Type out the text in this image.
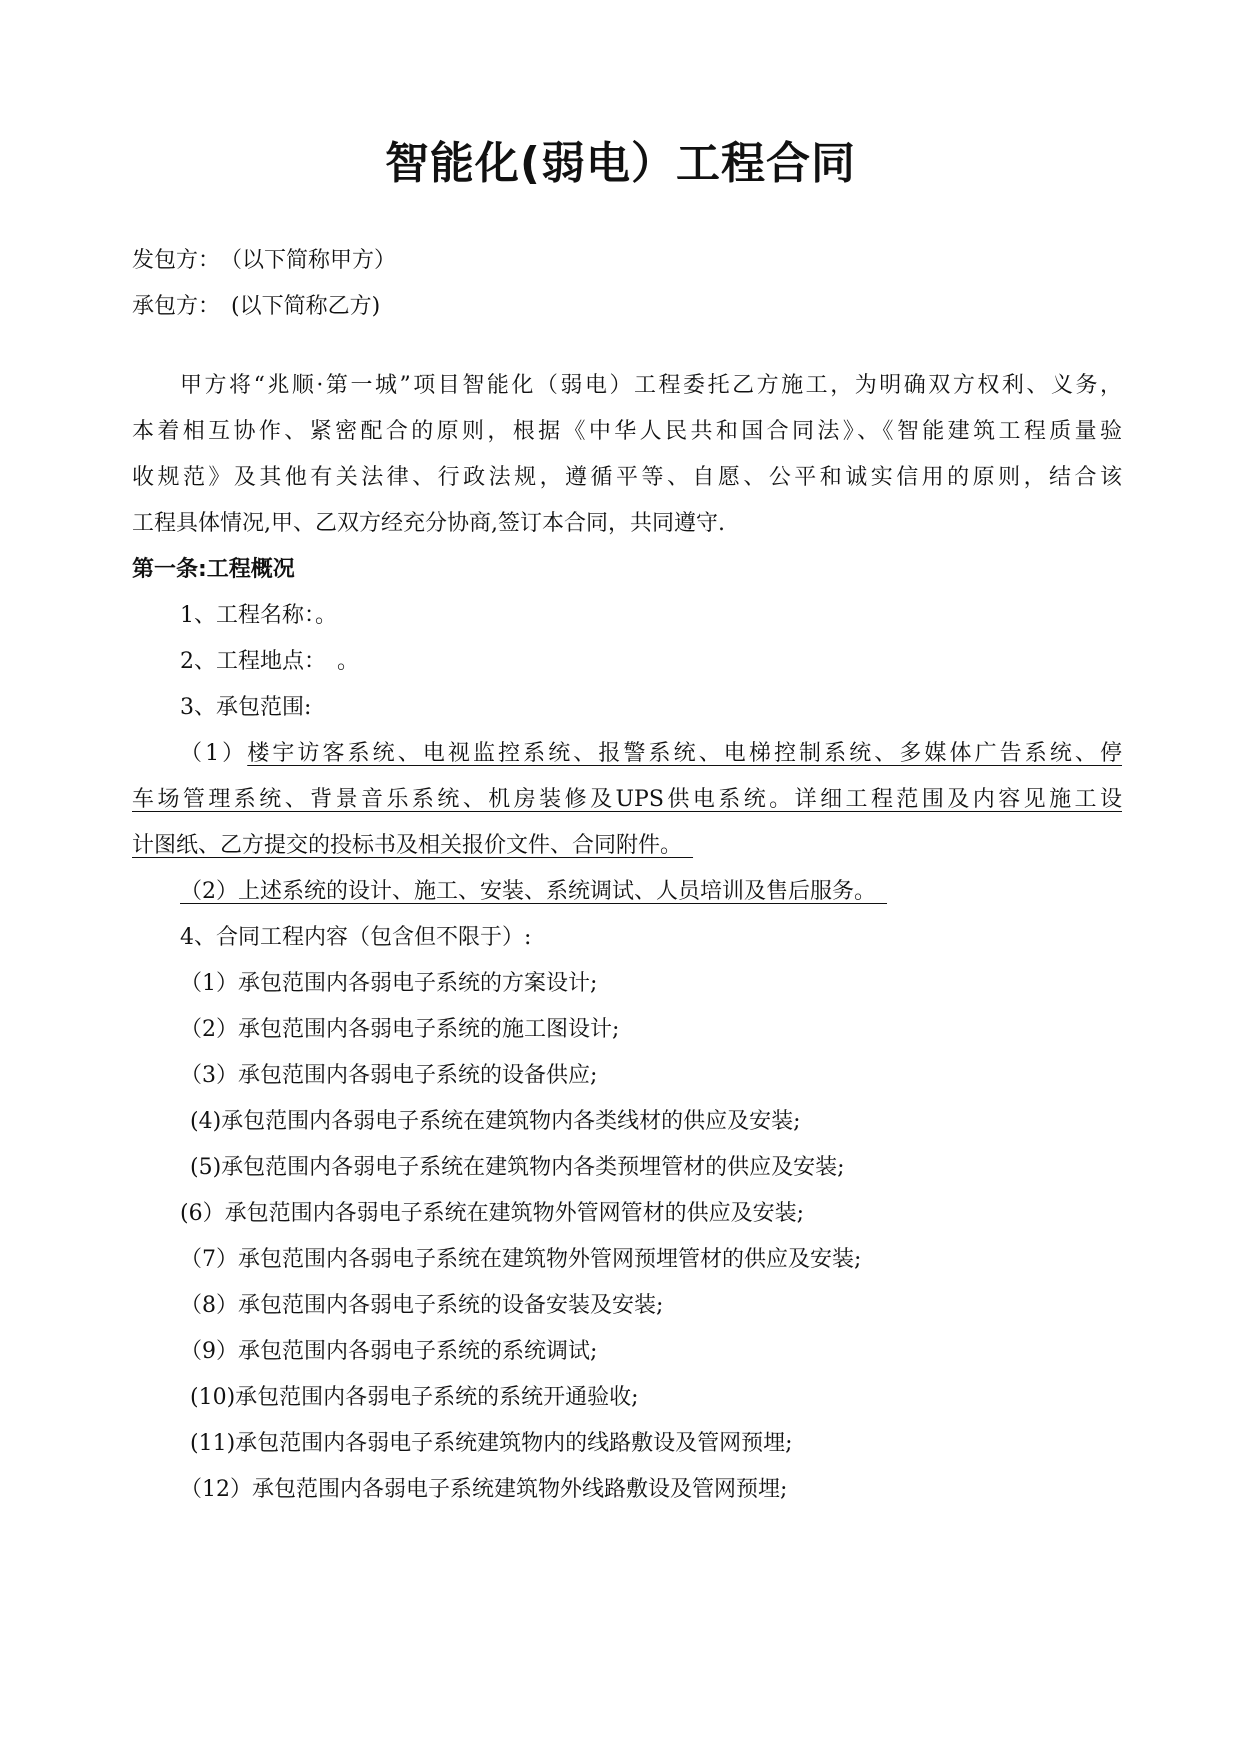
智能化(弱电）工程合同

发包方：　（以下简称甲方）

承包方：　(以下简称乙方)

甲方将“兆顺·第一城”项目智能化（弱电）工程委托乙方施工，为明确双方权利、义务，

本着相互协作、紧密配合的原则，根据《中华人民共和国合同法》、《智能建筑工程质量验

收规范》及其他有关法律、行政法规，遵循平等、自愿、公平和诚实信用的原则，结合该

工程具体情况,甲、乙双方经充分协商,签订本合同，共同遵守.

第一条:工程概况

1、工程名称：。

2、工程地点：　。

3、承包范围:

（1）楼宇访客系统、电视监控系统、报警系统、电梯控制系统、多媒体广告系统、停

车场管理系统、背景音乐系统、机房装修及UPS供电系统。详细工程范围及内容见施工设

计图纸、乙方提交的投标书及相关报价文件、合同附件。　

（2）上述系统的设计、施工、安装、系统调试、人员培训及售后服务。　

4、合同工程内容（包含但不限于）:

（1）承包范围内各弱电子系统的方案设计;

（2）承包范围内各弱电子系统的施工图设计;

（3）承包范围内各弱电子系统的设备供应;

(4)承包范围内各弱电子系统在建筑物内各类线材的供应及安装;

(5)承包范围内各弱电子系统在建筑物内各类预埋管材的供应及安装;

(6）承包范围内各弱电子系统在建筑物外管网管材的供应及安装;

（7）承包范围内各弱电子系统在建筑物外管网预埋管材的供应及安装;

（8）承包范围内各弱电子系统的设备安装及安装;

（9）承包范围内各弱电子系统的系统调试;

(10)承包范围内各弱电子系统的系统开通验收;

(11)承包范围内各弱电子系统建筑物内的线路敷设及管网预埋;

（12）承包范围内各弱电子系统建筑物外线路敷设及管网预埋;
